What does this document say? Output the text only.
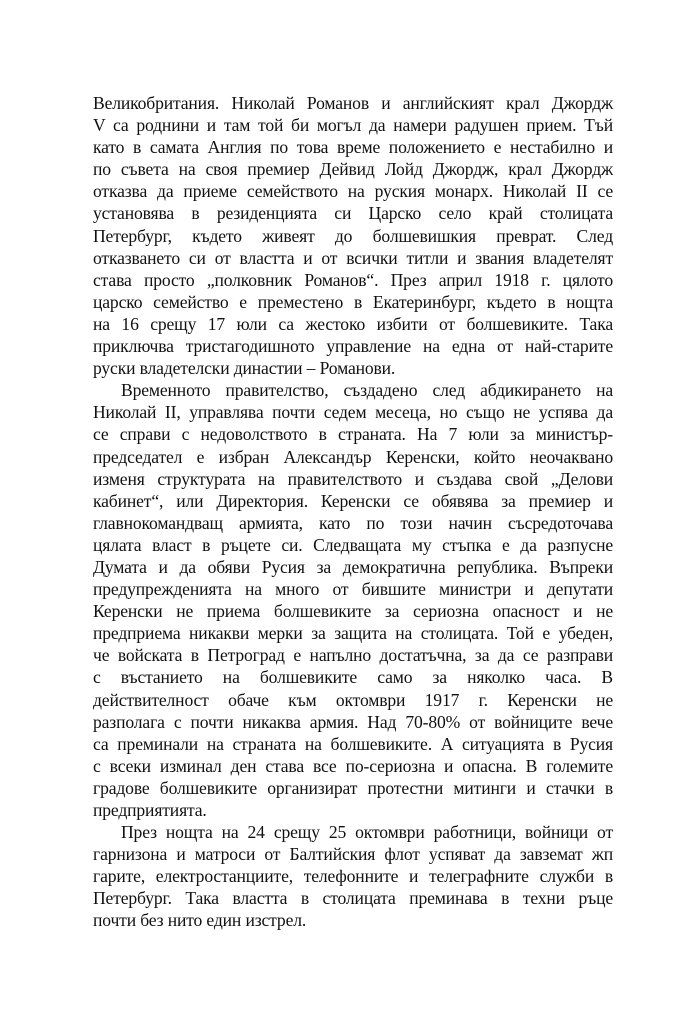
Великобритания. Николай Романов и английският крал Джордж
V са роднини и там той би могъл да намери радушен прием. Тъй
като в самата Англия по това време положението е нестабилно и
по съвета на своя премиер Дейвид Лойд Джордж, крал Джордж
отказва да приеме семейството на руския монарх. Николай II се
установява в резиденцията си Царско село край столицата
Петербург, където живеят до болшевишкия преврат. След
отказването си от властта и от всички титли и звания владетелят
става просто „полковник Романов“. През април 1918 г. цялото
царско семейство е преместено в Екатеринбург, където в нощта
на 16 срещу 17 юли са жестоко избити от болшевиките. Така
приключва тристагодишното управление на една от най-старите
руски владетелски династии – Романови.
Временното правителство, създадено след абдикирането на
Николай II, управлява почти седем месеца, но също не успява да
се справи с недоволството в страната. На 7 юли за министър-
председател е избран Александър Керенски, който неочаквано
изменя структурата на правителството и създава свой „Делови
кабинет“, или Директория. Керенски се обявява за премиер и
главнокомандващ армията, като по този начин съсредоточава
цялата власт в ръцете си. Следващата му стъпка е да разпусне
Думата и да обяви Русия за демократична република. Въпреки
предупрежденията на много от бившите министри и депутати
Керенски не приема болшевиките за сериозна опасност и не
предприема никакви мерки за защита на столицата. Той е убеден,
че войската в Петроград е напълно достатъчна, за да се разправи
с въстанието на болшевиките само за няколко часа. В
действителност обаче към октомври 1917 г. Керенски не
разполага с почти никаква армия. Над 70-80% от войниците вече
са преминали на страната на болшевиките. А ситуацията в Русия
с всеки изминал ден става все по-сериозна и опасна. В големите
градове болшевиките организират протестни митинги и стачки в
предприятията.
През нощта на 24 срещу 25 октомври работници, войници от
гарнизона и матроси от Балтийския флот успяват да завземат жп
гарите, електростанциите, телефонните и телеграфните служби в
Петербург. Така властта в столицата преминава в техни ръце
почти без нито един изстрел.
